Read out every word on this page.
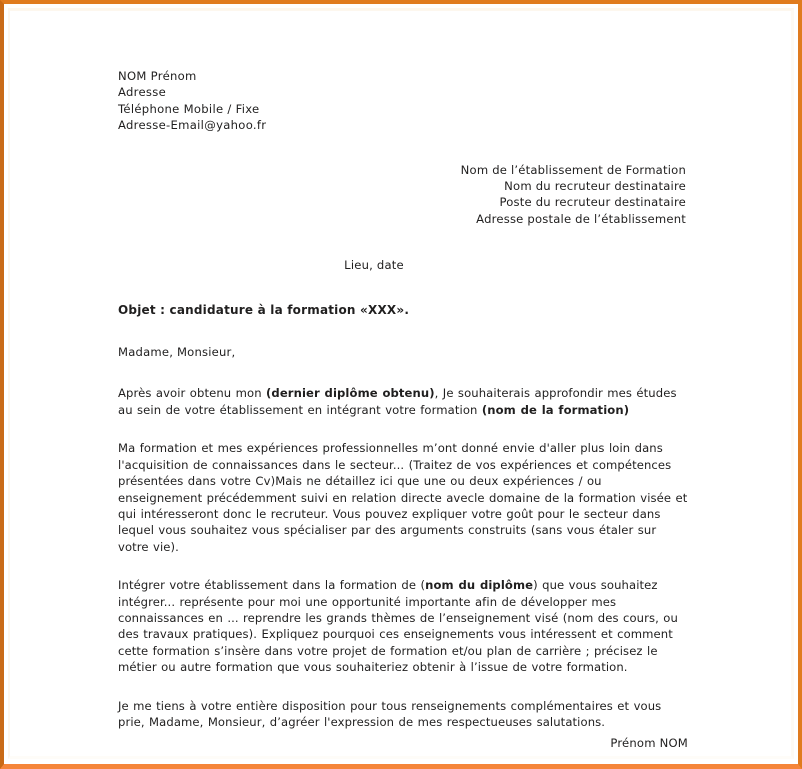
NOM Prénom
Adresse
Téléphone Mobile / Fixe
Adresse-Email@yahoo.fr
Nom de l’établissement de Formation
Nom du recruteur destinataire
Poste du recruteur destinataire
Adresse postale de l’établissement
Lieu, date
Objet : candidature à la formation «XXX».
Madame, Monsieur,

Après avoir obtenu mon (dernier diplôme obtenu), Je souhaiterais approfondir mes études au sein de votre établissement en intégrant votre formation (nom de la formation)

Ma formation et mes expériences professionnelles m’ont donné envie d'aller plus loin dans l'acquisition de connaissances dans le secteur... (Traitez de vos expériences et compétences présentées dans votre Cv)Mais ne détaillez ici que une ou deux expériences / ou enseignement précédemment suivi en relation directe avecle domaine de la formation visée et qui intéresseront donc le recruteur. Vous pouvez expliquer votre goût pour le secteur dans lequel vous souhaitez vous spécialiser par des arguments construits (sans vous étaler sur votre vie).

Intégrer votre établissement dans la formation de (nom du diplôme) que vous souhaitez intégrer... représente pour moi une opportunité importante afin de développer mes connaissances en ... reprendre les grands thèmes de l’enseignement visé (nom des cours, ou des travaux pratiques). Expliquez pourquoi ces enseignements vous intéressent et comment cette formation s’insère dans votre projet de formation et/ou plan de carrière ; précisez le métier ou autre formation que vous souhaiteriez obtenir à l’issue de votre formation.

Je me tiens à votre entière disposition pour tous renseignements complémentaires et vous prie, Madame, Monsieur, d’agréer l'expression de mes respectueuses salutations.

Prénom NOM
